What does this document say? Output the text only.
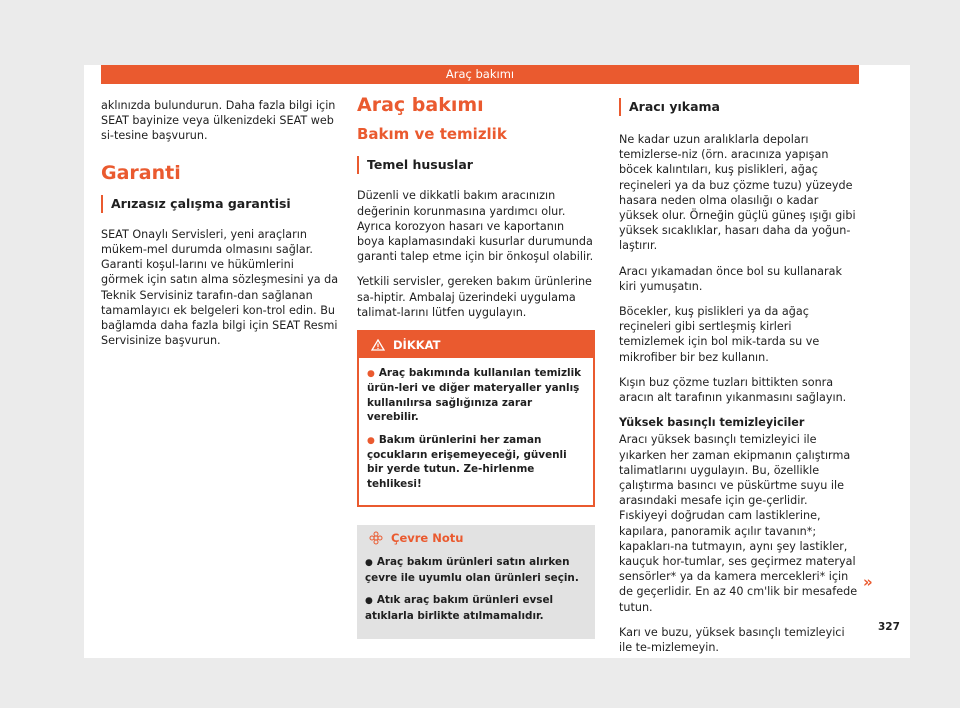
Araç bakımı

aklınızda bulundurun. Daha fazla bilgi için SEAT bayinize veya ülkenizdeki SEAT web si-tesine başvurun.

Garanti
Arızasız çalışma garantisi

SEAT Onaylı Servisleri, yeni araçların mükem-mel durumda olmasını sağlar. Garanti koşul-larını ve hükümlerini görmek için satın alma sözleşmesini ya da Teknik Servisiniz tarafın-dan sağlanan tamamlayıcı ek belgeleri kon-trol edin. Bu bağlamda daha fazla bilgi için SEAT Resmi Servisinize başvurun.

Araç bakımı
Bakım ve temizlik
Temel hususlar

Düzenli ve dikkatli bakım aracınızın değerinin korunmasına yardımcı olur. Ayrıca korozyon hasarı ve kaportanın boya kaplamasındaki kusurlar durumunda garanti talep etme için bir önkoşul olabilir.

Yetkili servisler, gereken bakım ürünlerine sa-hiptir. Ambalaj üzerindeki uygulama talimat-larını lütfen uygulayın.

DİKKAT
● Araç bakımında kullanılan temizlik ürün-leri ve diğer materyaller yanlış kullanılırsa sağlığınıza zarar verebilir.
● Bakım ürünlerini her zaman çocukların erişemeyeceği, güvenli bir yerde tutun. Ze-hirlenme tehlikesi!
Çevre Notu
● Araç bakım ürünleri satın alırken çevre ile uyumlu olan ürünleri seçin.
● Atık araç bakım ürünleri evsel atıklarla birlikte atılmamalıdır.
Aracı yıkama

Ne kadar uzun aralıklarla depoları temizlerse-niz (örn. aracınıza yapışan böcek kalıntıları, kuş pislikleri, ağaç reçineleri ya da buz çözme tuzu) yüzeyde hasara neden olma olasılığı o kadar yüksek olur. Örneğin güçlü güneş ışığı gibi yüksek sıcaklıklar, hasarı daha da yoğun-laştırır.

Aracı yıkamadan önce bol su kullanarak kiri yumuşatın.

Böcekler, kuş pislikleri ya da ağaç reçineleri gibi sertleşmiş kirleri temizlemek için bol mik-tarda su ve mikrofiber bir bez kullanın.

Kışın buz çözme tuzları bittikten sonra aracın alt tarafının yıkanmasını sağlayın.

Yüksek basınçlı temizleyiciler

Aracı yüksek basınçlı temizleyici ile yıkarken her zaman ekipmanın çalıştırma talimatlarını uygulayın. Bu, özellikle çalıştırma basıncı ve püskürtme suyu ile arasındaki mesafe için ge-çerlidir. Fıskiyeyi doğrudan cam lastiklerine, kapılara, panoramik açılır tavanın*; kapakları-na tutmayın, aynı şey lastikler, kauçuk hor-tumlar, ses geçirmez materyal sensörler* ya da kamera mercekleri* için de geçerlidir. En az 40 cm'lik bir mesafede tutun.

Karı ve buzu, yüksek basınçlı temizleyici ile te-mizlemeyin.

»
327
